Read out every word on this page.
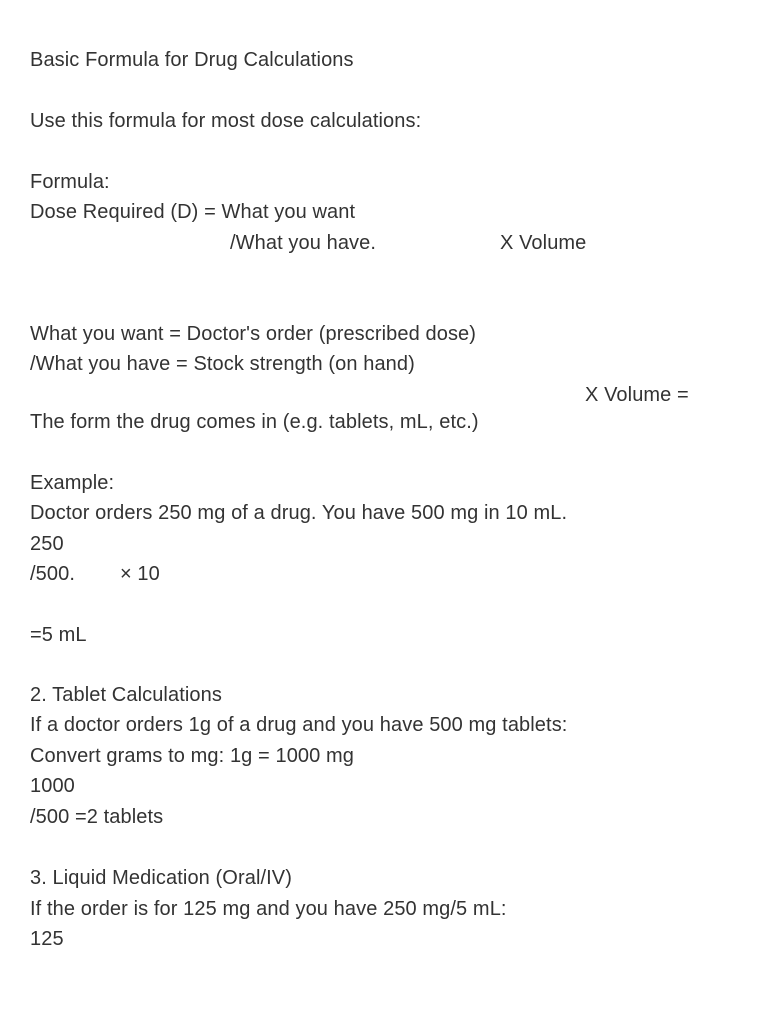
Basic Formula for Drug Calculations
Use this formula for most dose calculations:
Formula:
Dose Required (D) = What you want
/What you have.	X Volume
What you want = Doctor's order (prescribed dose)
/What you have = Stock strength (on hand)
X Volume =
The form the drug comes in (e.g. tablets, mL, etc.)
Example:
Doctor orders 250 mg of a drug. You have 500 mg in 10 mL.
250
/500. × 10
=5 mL
2. Tablet Calculations
If a doctor orders 1g of a drug and you have 500 mg tablets:
Convert grams to mg: 1g = 1000 mg
1000
/500 =2 tablets
3. Liquid Medication (Oral/IV)
If the order is for 125 mg and you have 250 mg/5 mL:
125
